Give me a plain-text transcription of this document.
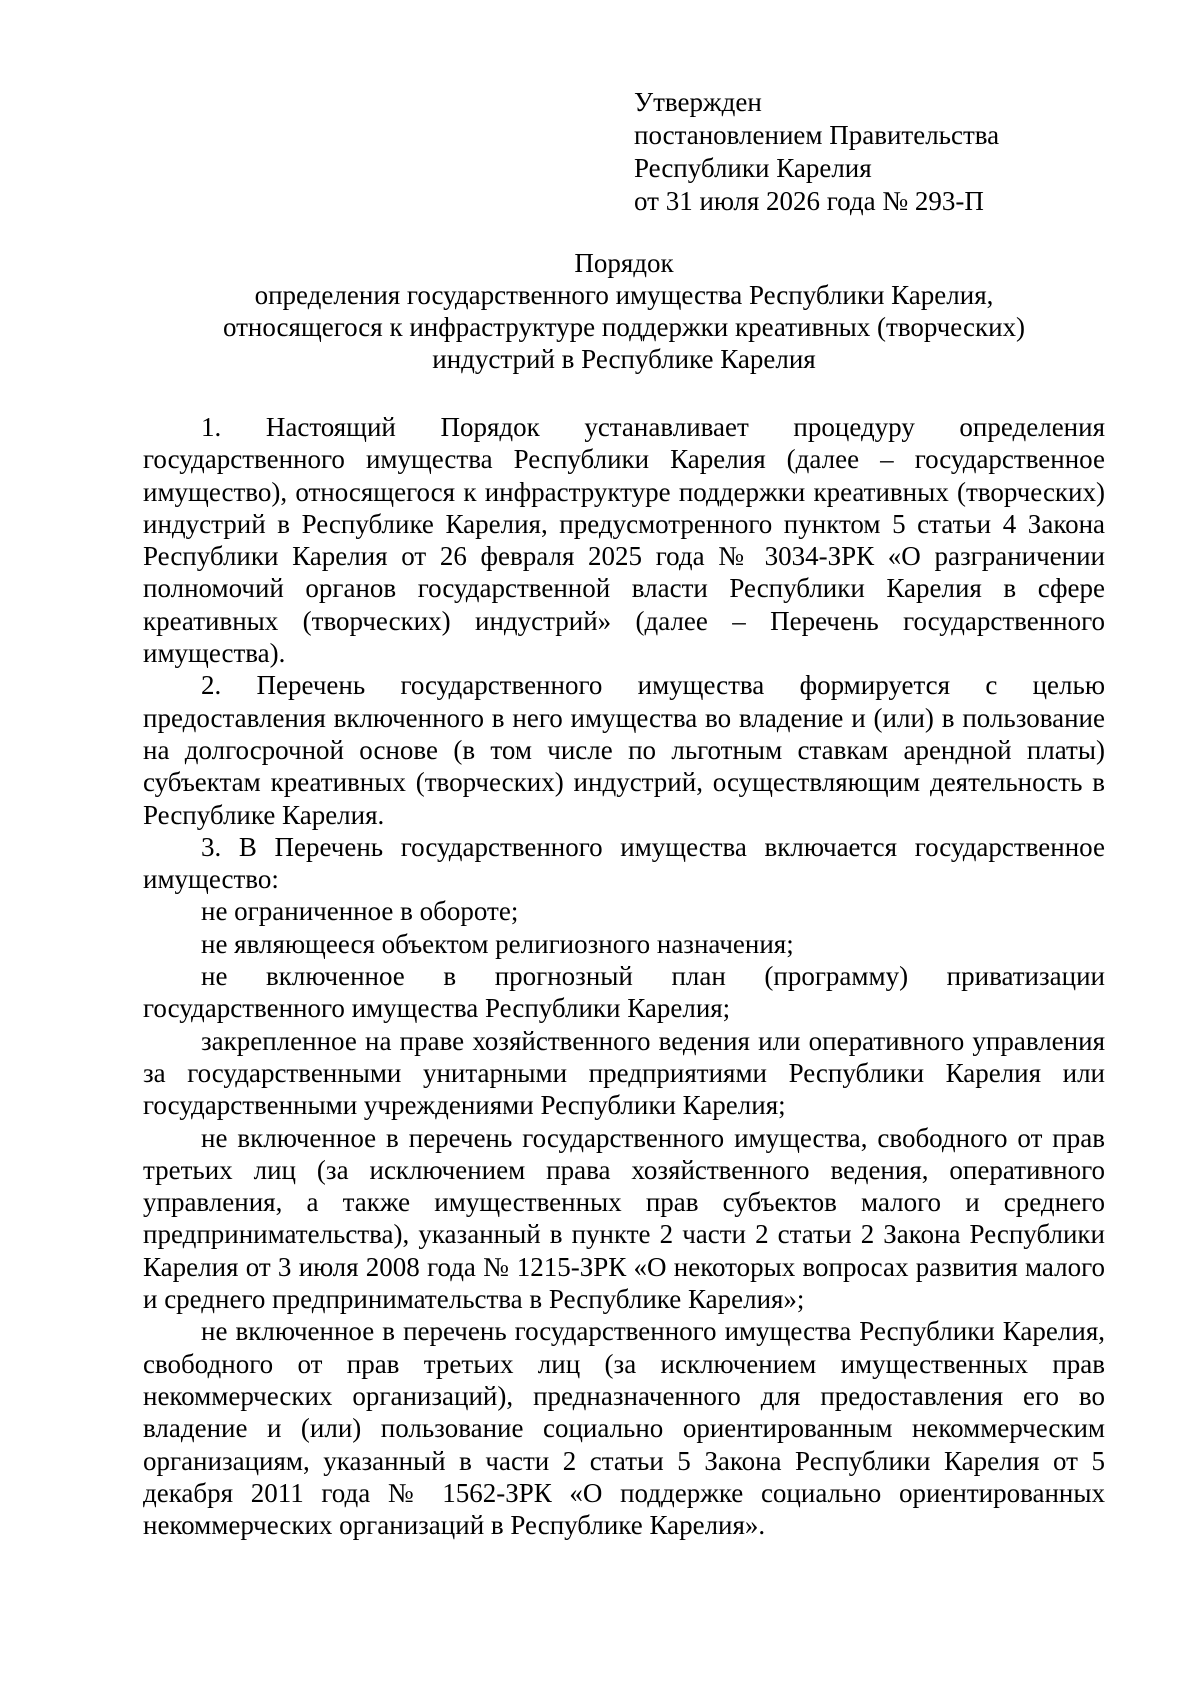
Утвержден
постановлением Правительства
Республики Карелия
от 31 июля 2026 года № 293-П
Порядок
определения государственного имущества Республики Карелия,
относящегося к инфраструктуре поддержки креативных (творческих)
индустрий в Республике Карелия

1. Настоящий Порядок устанавливает процедуру определения государственного имущества Республики Карелия (далее – государственное имущество), относящегося к инфраструктуре поддержки креативных (творческих) индустрий в Республике Карелия, предусмотренного пунктом 5 статьи 4 Закона Республики Карелия от 26 февраля 2025 года № 3034-ЗРК «О разграничении полномочий органов государственной власти Республики Карелия в сфере креативных (творческих) индустрий» (далее – Перечень государственного имущества).

2. Перечень государственного имущества формируется с целью предоставления включенного в него имущества во владение и (или) в пользование на долгосрочной основе (в том числе по льготным ставкам арендной платы) субъектам креативных (творческих) индустрий, осуществляющим деятельность в Республике Карелия.

3. В Перечень государственного имущества включается государственное имущество:

не ограниченное в обороте;

не являющееся объектом религиозного назначения;

не включенное в прогнозный план (программу) приватизации государственного имущества Республики Карелия;

закрепленное на праве хозяйственного ведения или оперативного управления за государственными унитарными предприятиями Республики Карелия или государственными учреждениями Республики Карелия;

не включенное в перечень государственного имущества, свободного от прав третьих лиц (за исключением права хозяйственного ведения, оперативного управления, а также имущественных прав субъектов малого и среднего предпринимательства), указанный в пункте 2 части 2 статьи 2 Закона Республики Карелия от 3 июля 2008 года № 1215-ЗРК «О некоторых вопросах развития малого и среднего предпринимательства в Республике Карелия»;

не включенное в перечень государственного имущества Республики Карелия, свободного от прав третьих лиц (за исключением имущественных прав некоммерческих организаций), предназначенного для предоставления его во владение и (или) пользование социально ориентированным некоммерческим организациям, указанный в части 2 статьи 5 Закона Республики Карелия от 5 декабря 2011 года № 1562-ЗРК «О поддержке социально ориентированных некоммерческих организаций в Республике Карелия».
